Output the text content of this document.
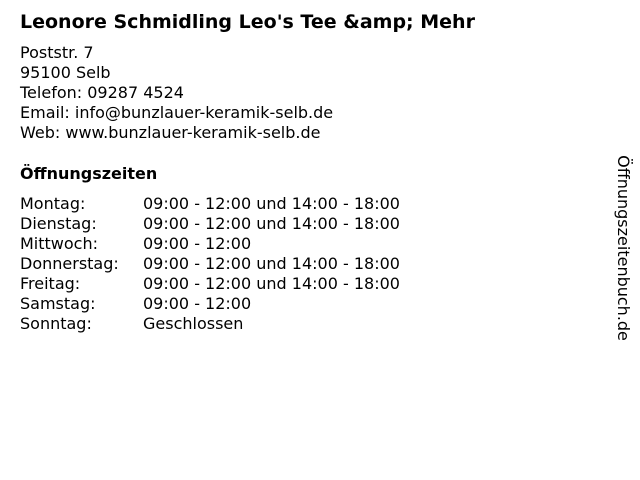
Leonore Schmidling Leo's Tee &amp; Mehr
Poststr. 7
95100 Selb
Telefon: 09287 4524
Email: info@bunzlauer-keramik-selb.de
Web: www.bunzlauer-keramik-selb.de
Öffnungszeiten
Montag:	09:00 - 12:00 und 14:00 - 18:00
Dienstag:	09:00 - 12:00 und 14:00 - 18:00
Mittwoch:	09:00 - 12:00
Donnerstag: 09:00 - 12:00 und 14:00 - 18:00
Freitag:	09:00 - 12:00 und 14:00 - 18:00
Samstag:	09:00 - 12:00
Sonntag:	Geschlossen	Öffnungszeitenbuch.de
